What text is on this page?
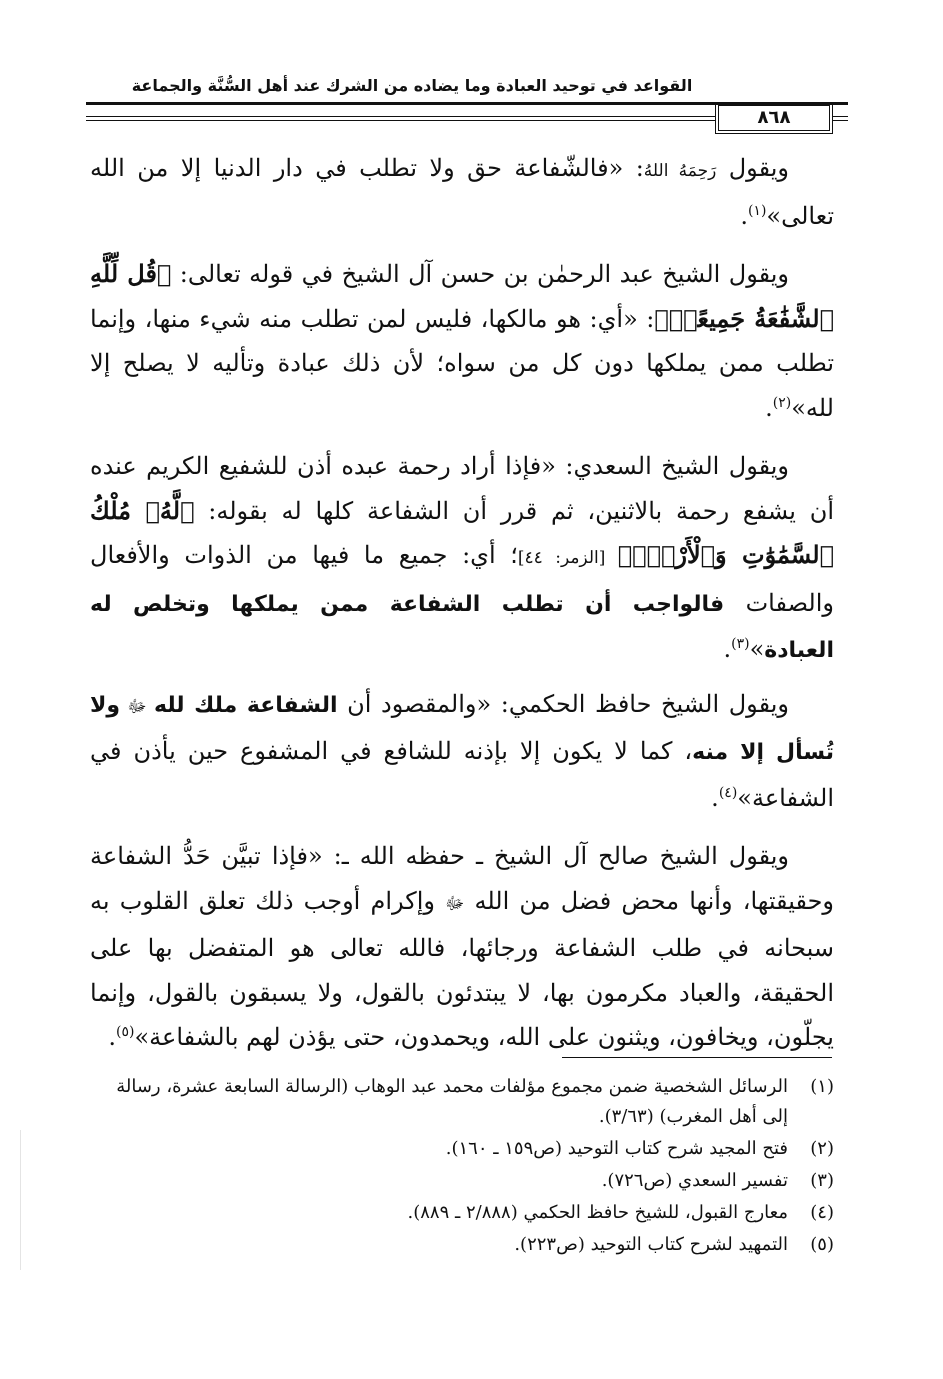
القواعد في توحيد العبادة وما يضاده من الشرك عند أهل السُّنَّة والجماعة
٨٦٨

ويقول رَحِمَهُ اللهُ: «فالشّفاعة حق ولا تطلب في دار الدنيا إلا من الله تعالى»$^{(١)}$.

ويقول الشيخ عبد الرحمٰن بن حسن آل الشيخ في قوله تعالى: ﴿قُل لِّلَّهِ ٱلشَّفَٰعَةُ جَمِيعًاۖ﴾: «أي: هو مالكها، فليس لمن تطلب منه شيء منها، وإنما تطلب ممن يملكها دون كل من سواه؛ لأن ذلك عبادة وتأليه لا يصلح إلا لله»$^{(٢)}$.

ويقول الشيخ السعدي: «فإذا أراد رحمة عبده أذن للشفيع الكريم عنده أن يشفع رحمة بالاثنين، ثم قرر أن الشفاعة كلها له بقوله: ﴿لَّهُۥ مُلْكُ ٱلسَّمَٰوَٰتِ وَٱلْأَرْضِۖ﴾ [الزمر: ٤٤]؛ أي: جميع ما فيها من الذوات والأفعال والصفات فالواجب أن تطلب الشفاعة ممن يملكها وتخلص له العبادة»$^{(٣)}$.

ويقول الشيخ حافظ الحكمي: «والمقصود أن الشفاعة ملك لله ﷻ ولا تُسأل إلا منه، كما لا يكون إلا بإذنه للشافع في المشفوع حين يأذن في الشفاعة»$^{(٤)}$.

ويقول الشيخ صالح آل الشيخ ـ حفظه الله ـ: «فإذا تبيَّن حَدُّ الشفاعة وحقيقتها، وأنها محض فضل من الله ﷻ وإكرام أوجب ذلك تعلق القلوب به سبحانه في طلب الشفاعة ورجائها، فالله تعالى هو المتفضل بها على الحقيقة، والعباد مكرمون بها، لا يبتدئون بالقول، ولا يسبقون بالقول، وإنما يجلّون، ويخافون، ويثنون على الله، ويحمدون، حتى يؤذن لهم بالشفاعة»$^{(٥)}$.

(١)
الرسائل الشخصية ضمن مجموع مؤلفات محمد عبد الوهاب (الرسالة السابعة عشرة، رسالة إلى أهل المغرب) (٣/٦٣).

(٢)
فتح المجيد شرح كتاب التوحيد (ص١٥٩ ـ ١٦٠).

(٣)
تفسير السعدي (ص٧٢٦).

(٤)
معارج القبول، للشيخ حافظ الحكمي (٢/٨٨٨ ـ ٨٨٩).

(٥)
التمهيد لشرح كتاب التوحيد (ص٢٢٣).
